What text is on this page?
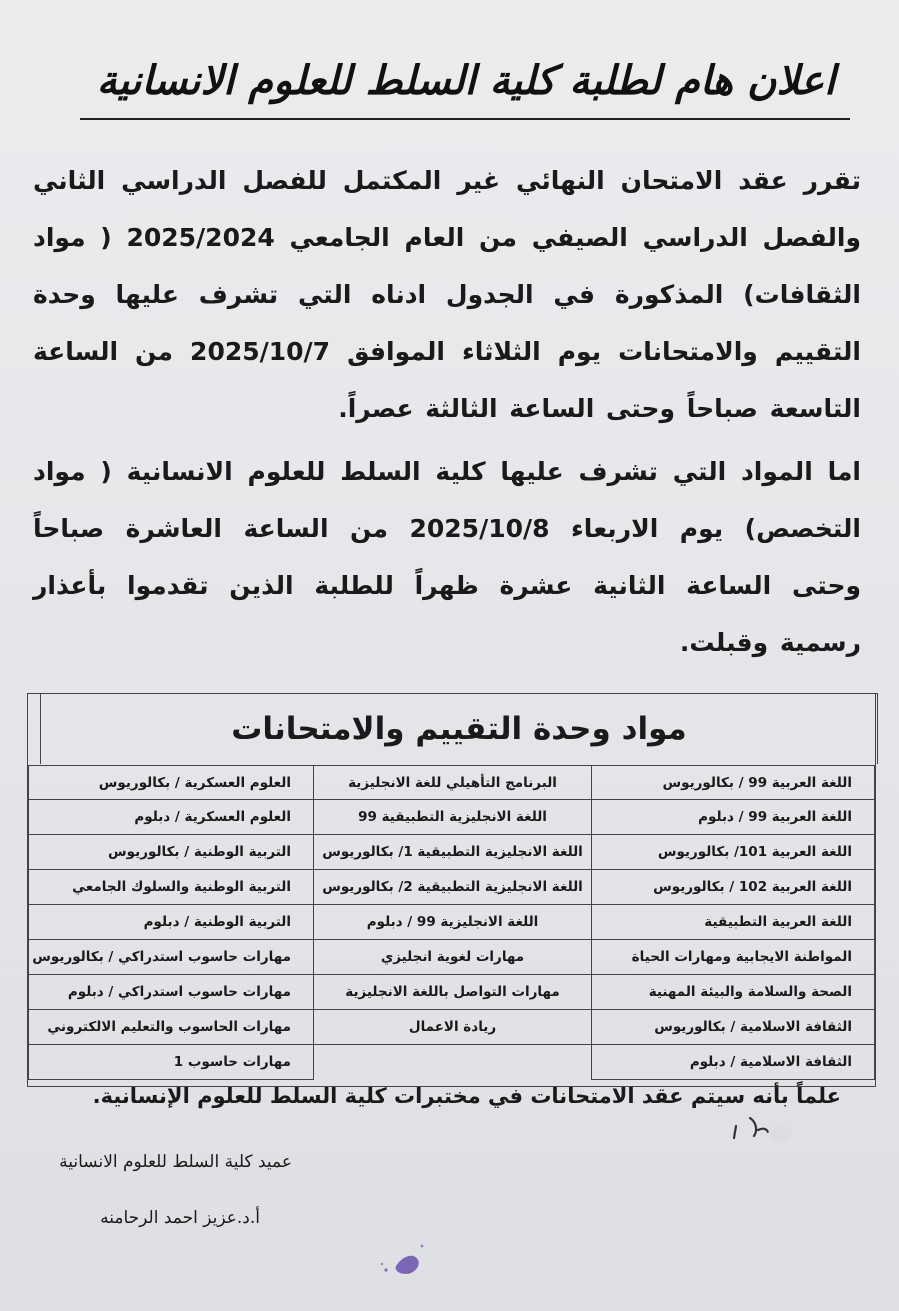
اعلان هام لطلبة كلية السلط للعلوم الانسانية

تقرر عقد الامتحان النهائي غير المكتمل للفصل الدراسي الثاني والفصل الدراسي الصيفي من العام الجامعي 2025/2024 ( مواد الثقافات) المذكورة في الجدول ادناه التي تشرف عليها وحدة التقييم والامتحانات يوم الثلاثاء الموافق 2025/10/7 من الساعة التاسعة صباحاً وحتى الساعة الثالثة عصراً.

اما المواد التي تشرف عليها كلية السلط للعلوم الانسانية ( مواد التخصص) يوم الاربعاء 2025/10/8 من الساعة العاشرة صباحاً وحتى الساعة الثانية عشرة ظهراً للطلبة الذين تقدموا بأعذار رسمية وقبلت.

مواد وحدة التقييم والامتحانات
اللغة العربية 99 / بكالوريوس
اللغة العربية 99 / دبلوم
اللغة العربية 101/ بكالوريوس
اللغة العربية 102 / بكالوريوس
اللغة العربية التطبيقية
المواطنة الايجابية ومهارات الحياة
الصحة والسلامة والبيئة المهنية
الثقافة الاسلامية / بكالوريوس
الثقافة الاسلامية / دبلوم
البرنامج التأهيلي للغة الانجليزية
اللغة الانجليزية التطبيقية 99
اللغة الانجليزية التطبيقية 1/ بكالوريوس
اللغة الانجليزية التطبيقية 2/ بكالوريوس
اللغة الانجليزية 99 / دبلوم
مهارات لغوية انجليزي
مهارات التواصل باللغة الانجليزية
ريادة الاعمال
العلوم العسكرية / بكالوريوس
العلوم العسكرية / دبلوم
التربية الوطنية / بكالوريوس
التربية الوطنية والسلوك الجامعي
التربية الوطنية / دبلوم
مهارات حاسوب استدراكي / بكالوريوس
مهارات حاسوب استدراكي / دبلوم
مهارات الحاسوب والتعليم الالكتروني
مهارات حاسوب 1

علماً بأنه سيتم عقد الامتحانات في مختبرات كلية السلط للعلوم الإنسانية.

عميد كلية السلط للعلوم الانسانية

أ.د.عزيز احمد الرحامنه
